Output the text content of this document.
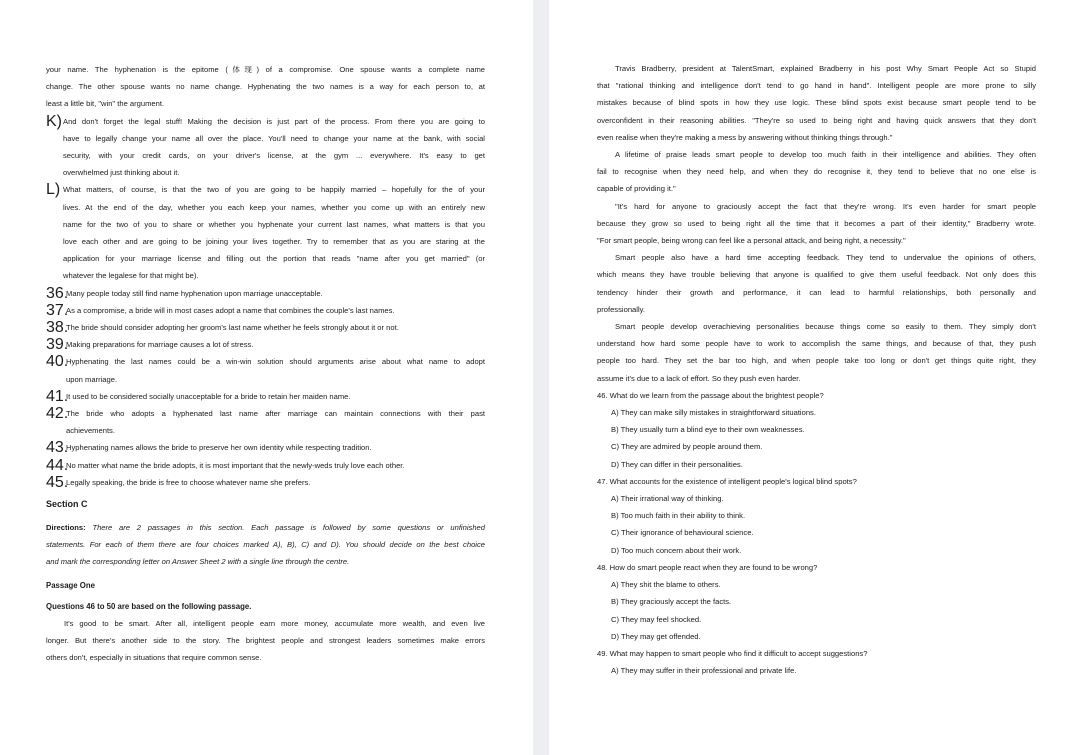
your name. The hyphenation is the epitome (体现) of a compromise. One spouse wants a complete name
change. The other spouse wants no name change. Hyphenating the two names is a way for each person to, at
least a little bit, "win" the argument.
K) And don't forget the legal stuff! Making the decision is just part of the process. From there you are going to
have to legally change your name all over the place. You'll need to change your name at the bank, with social
security, with your credit cards, on your driver's license, at the gym ... everywhere. It's easy to get
overwhelmed just thinking about it.
L) What matters, of course, is that the two of you are going to be happily married – hopefully for the of your
lives. At the end of the day, whether you each keep your names, whether you come up with an entirely new
name for the two of you to share or whether you hyphenate your current last names, what matters is that you
love each other and are going to be joining your lives together. Try to remember that as you are staring at the
application for your marriage license and filling out the portion that reads "name after you get married" (or
whatever the legalese for that might be).
36.
Many people today still find name hyphenation upon marriage unacceptable.
37.
As a compromise, a bride will in most cases adopt a name that combines the couple's last names.
38.
The bride should consider adopting her groom's last name whether he feels strongly about it or not.
39.
Making preparations for marriage causes a lot of stress.
40.
Hyphenating the last names could be a win-win solution should arguments arise about what name to adopt
upon marriage.
41.
It used to be considered socially unacceptable for a bride to retain her maiden name.
42.
The bride who adopts a hyphenated last name after marriage can maintain connections with their past
achievements.
43.
Hyphenating names allows the bride to preserve her own identity while respecting tradition.
44.
No matter what name the bride adopts, it is most important that the newly-weds truly love each other.
45.
Legally speaking, the bride is free to choose whatever name she prefers.
Section C
Directions: There are 2 passages in this section. Each passage is followed by some questions or unfinished
statements. For each of them there are four choices marked A), B), C) and D). You should decide on the best choice
and mark the corresponding letter on Answer Sheet 2 with a single line through the centre.
Passage One
Questions 46 to 50 are based on the following passage.
It's good to be smart. After all, intelligent people earn more money, accumulate more wealth, and even live
longer. But there's another side to the story. The brightest people and strongest leaders sometimes make errors
others don't, especially in situations that require common sense.
Travis Bradberry, president at TalentSmart, explained Bradberry in his post Why Smart People Act so Stupid
that "rational thinking and intelligence don't tend to go hand in hand". Intelligent people are more prone to silly
mistakes because of blind spots in how they use logic. These blind spots exist because smart people tend to be
overconfident in their reasoning abilities. "They're so used to being right and having quick answers that they don't
even realise when they're making a mess by answering without thinking things through."
A lifetime of praise leads smart people to develop too much faith in their intelligence and abilities. They often
fail to recognise when they need help, and when they do recognise it, they tend to believe that no one else is
capable of providing it."
"It's hard for anyone to graciously accept the fact that they're wrong. It's even harder for smart people
because they grow so used to being right all the time that it becomes a part of their identity," Bradberry wrote.
"For smart people, being wrong can feel like a personal attack, and being right, a necessity."
Smart people also have a hard time accepting feedback. They tend to undervalue the opinions of others,
which means they have trouble believing that anyone is qualified to give them useful feedback. Not only does this
tendency hinder their growth and performance, it can lead to harmful relationships, both personally and
professionally.
Smart people develop overachieving personalities because things come so easily to them. They simply don't
understand how hard some people have to work to accomplish the same things, and because of that, they push
people too hard. They set the bar too high, and when people take too long or don't get things quite right, they
assume it's due to a lack of effort. So they push even harder.
46. What do we learn from the passage about the brightest people?
A) They can make silly mistakes in straightforward situations.
B) They usually turn a blind eye to their own weaknesses.
C) They are admired by people around them.
D) They can differ in their personalities.
47. What accounts for the existence of intelligent people's logical blind spots?
A) Their irrational way of thinking.
B) Too much faith in their ability to think.
C) Their ignorance of behavioural science.
D) Too much concern about their work.
48. How do smart people react when they are found to be wrong?
A) They shit the blame to others.
B) They graciously accept the facts.
C) They may feel shocked.
D) They may get offended.
49. What may happen to smart people who find it difficult to accept suggestions?
A) They may suffer in their professional and private life.
